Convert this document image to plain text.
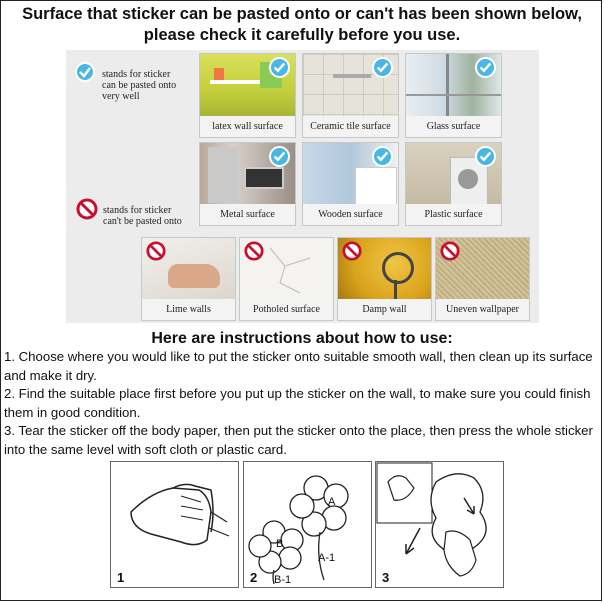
Surface that sticker can be pasted onto or can't has been shown below,
please check it carefully before you use.
stands for sticker
can be pasted onto
very well
stands for sticker
can't be pasted onto
latex wall surface	Ceramic tile surface	Glass surface
Metal surface	Wooden surface	Plastic surface
Lime walls	Potholed surface	Damp wall	Uneven wallpaper
Here are instructions about how to use:

1. Choose where you would like to put the sticker onto suitable smooth wall, then clean up its surface and make it dry.

2. Find the suitable place first before you put up the sticker on the wall, to make sure you could finish them in good condition.

3. Tear the sticker off the body paper, then put the sticker onto the place, then press the whole sticker into the same level with soft cloth or plastic card.

1
A
B
A-1
B-1
2	3
